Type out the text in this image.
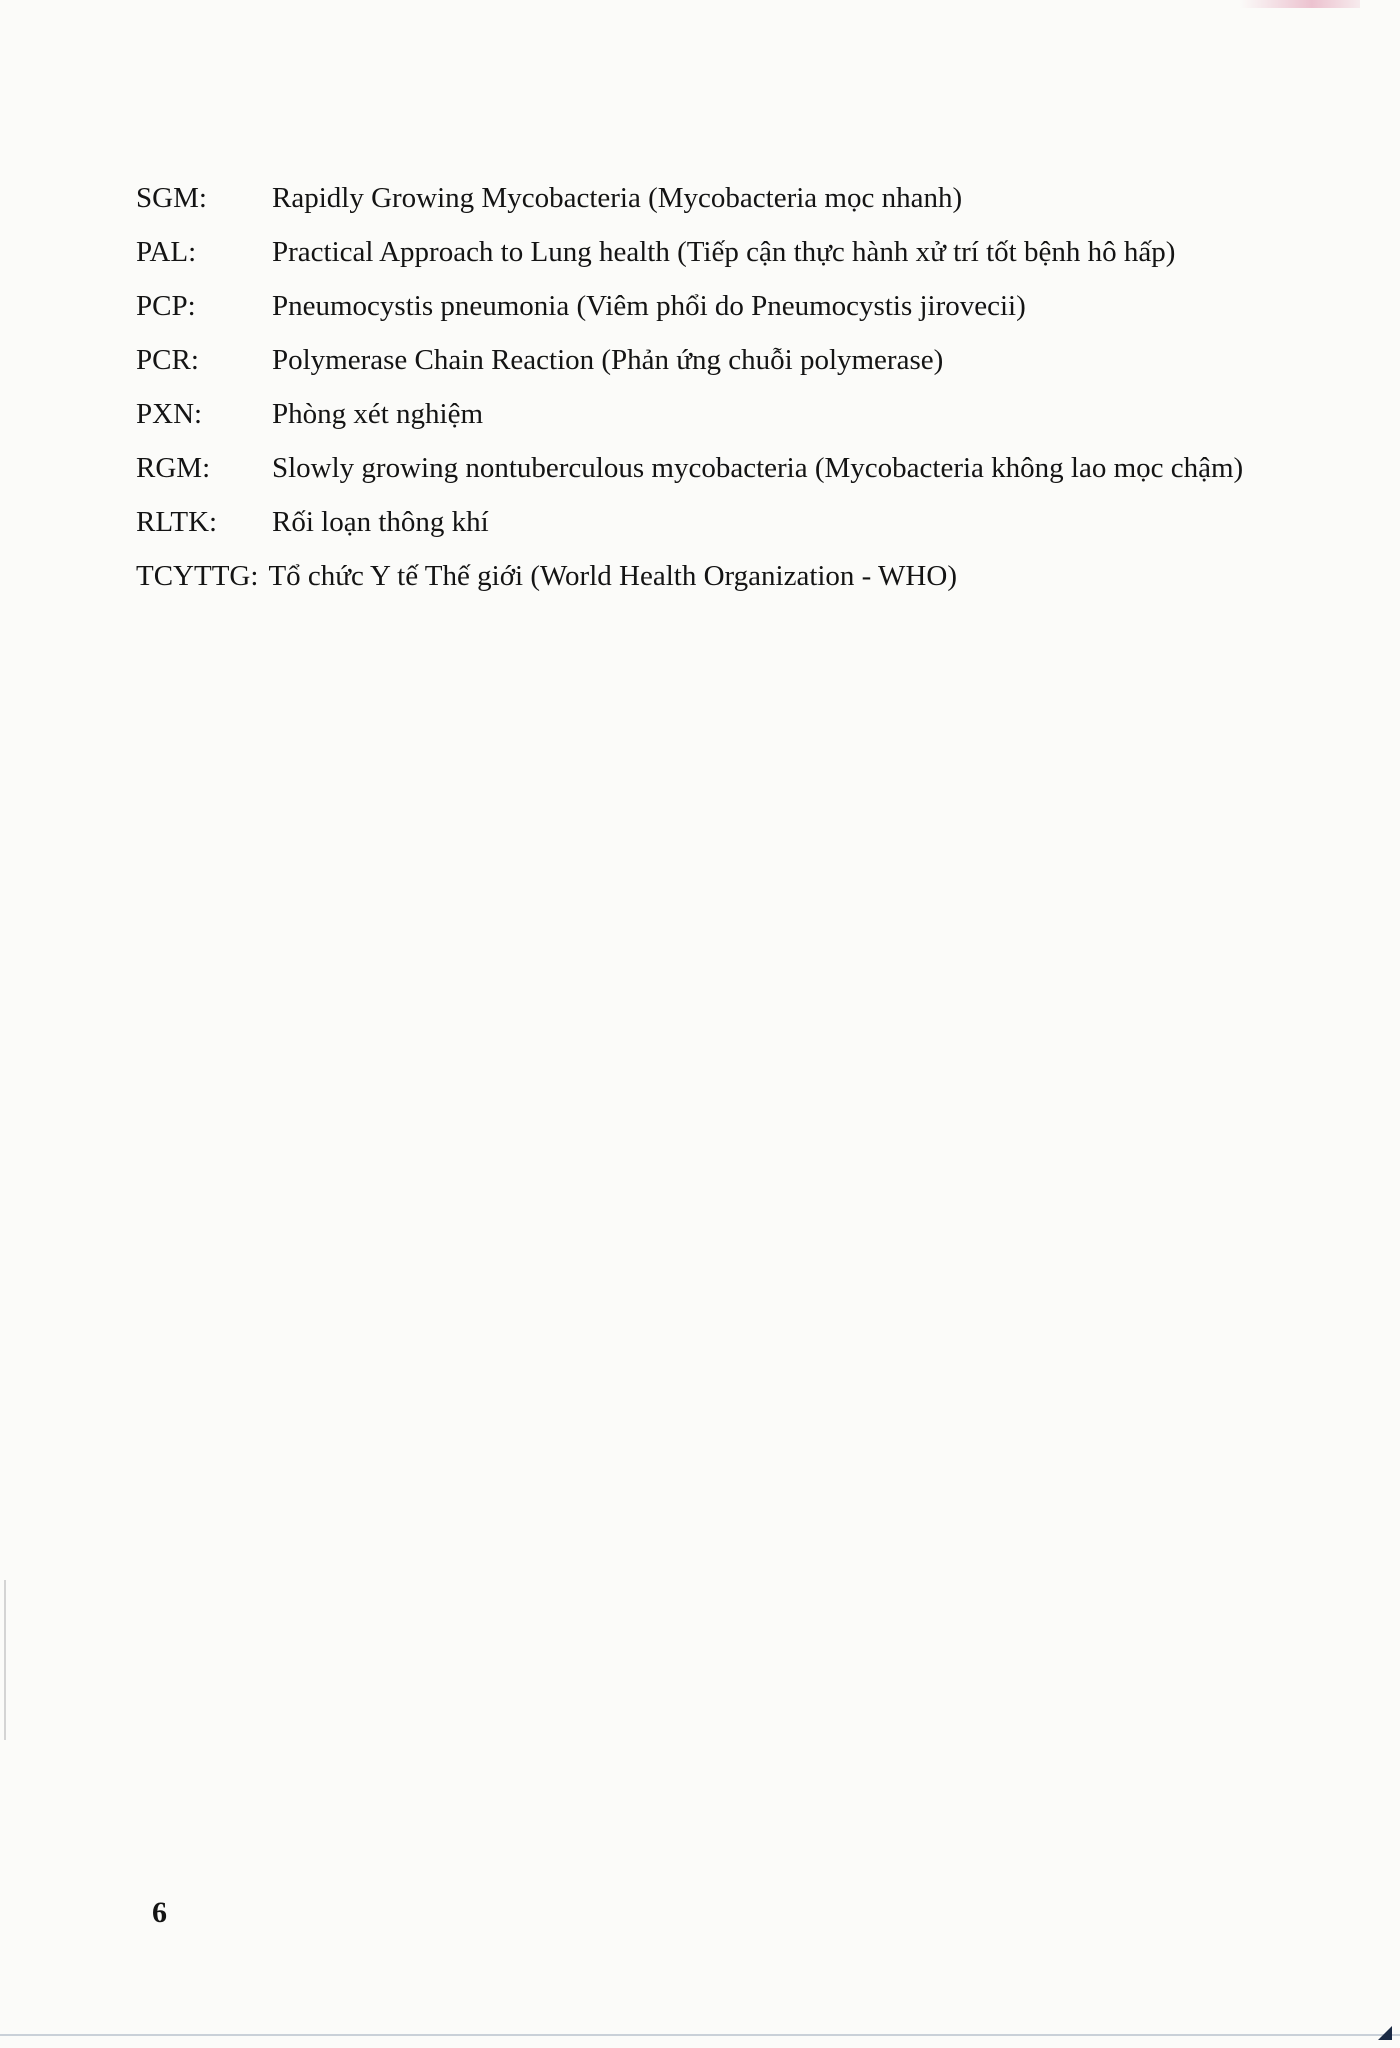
SGM:	Rapidly Growing Mycobacteria (Mycobacteria mọc nhanh)
PAL:	Practical Approach to Lung health (Tiếp cận thực hành xử trí tốt bệnh hô hấp)
PCP:	Pneumocystis pneumonia (Viêm phổi do Pneumocystis jirovecii)
PCR:	Polymerase Chain Reaction (Phản ứng chuỗi polymerase)
PXN:	Phòng xét nghiệm
RGM:	Slowly growing nontuberculous mycobacteria (Mycobacteria không lao mọc chậm)
RLTK:	Rối loạn thông khí
TCYTTG: Tổ chức Y tế Thế giới (World Health Organization - WHO)
6
